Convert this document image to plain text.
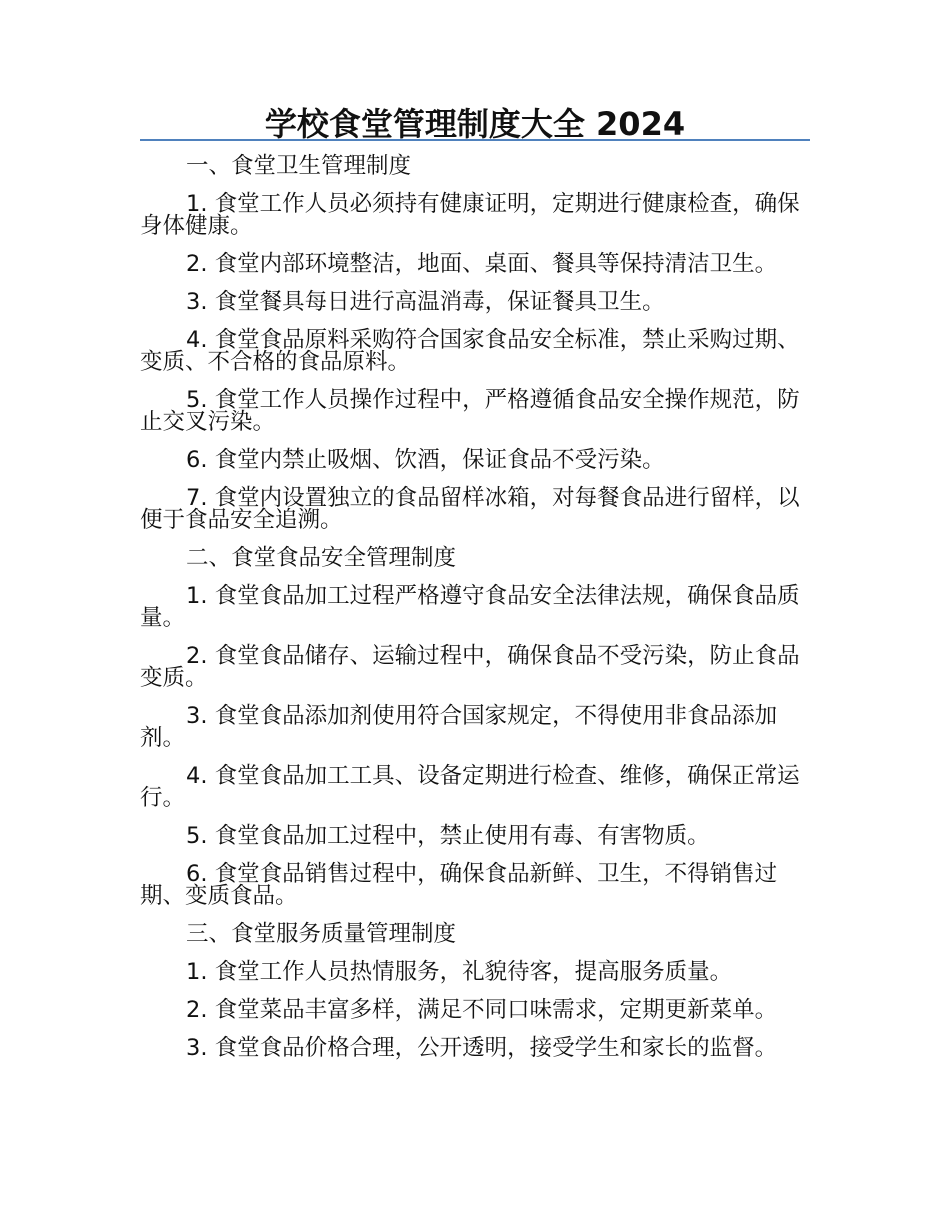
学校食堂管理制度大全 2024
一、食堂卫生管理制度
1. 食堂工作人员必须持有健康证明，定期进行健康检查，确保身体健康。
2. 食堂内部环境整洁，地面、桌面、餐具等保持清洁卫生。
3. 食堂餐具每日进行高温消毒，保证餐具卫生。
4. 食堂食品原料采购符合国家食品安全标准，禁止采购过期、变质、不合格的食品原料。
5. 食堂工作人员操作过程中，严格遵循食品安全操作规范，防止交叉污染。
6. 食堂内禁止吸烟、饮酒，保证食品不受污染。
7. 食堂内设置独立的食品留样冰箱，对每餐食品进行留样，以便于食品安全追溯。
二、食堂食品安全管理制度
1. 食堂食品加工过程严格遵守食品安全法律法规，确保食品质量。
2. 食堂食品储存、运输过程中，确保食品不受污染，防止食品变质。
3. 食堂食品添加剂使用符合国家规定，不得使用非食品添加剂。
4. 食堂食品加工工具、设备定期进行检查、维修，确保正常运行。
5. 食堂食品加工过程中，禁止使用有毒、有害物质。
6. 食堂食品销售过程中，确保食品新鲜、卫生，不得销售过期、变质食品。
三、食堂服务质量管理制度
1. 食堂工作人员热情服务，礼貌待客，提高服务质量。
2. 食堂菜品丰富多样，满足不同口味需求，定期更新菜单。
3. 食堂食品价格合理，公开透明，接受学生和家长的监督。
